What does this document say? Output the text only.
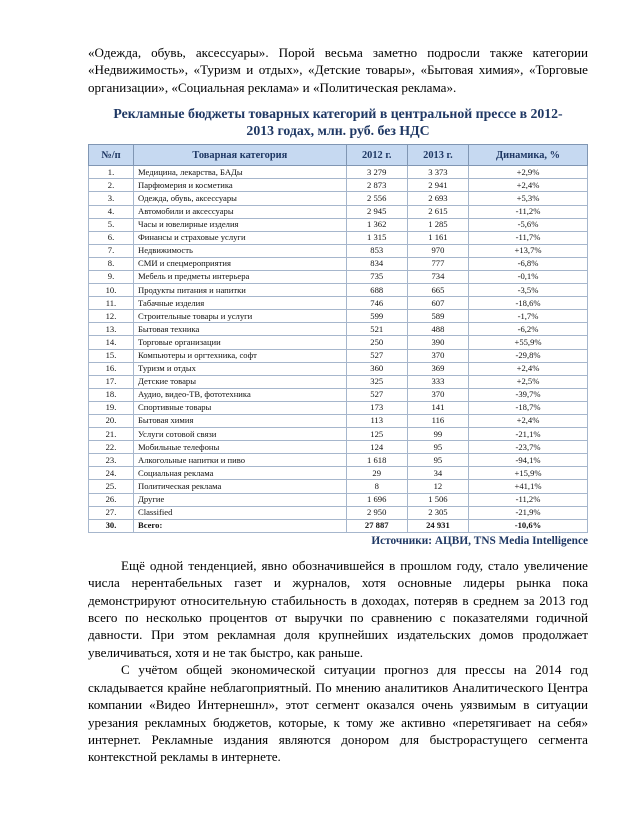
«Одежда, обувь, аксессуары». Порой весьма заметно подросли также категории «Недвижимость», «Туризм и отдых», «Детские товары», «Бытовая химия», «Торговые организации», «Социальная реклама» и «Политическая реклама».

Рекламные бюджеты товарных категорий в центральной прессе в 2012-2013 годах, млн. руб. без НДС
№/п	Товарная категория	2012 г.	2013 г.	Динамика, %
1.	Медицина, лекарства, БАДы	3 279	3 373	+2,9%
2.	Парфюмерия и косметика	2 873	2 941	+2,4%
3.	Одежда, обувь, аксессуары	2 556	2 693	+5,3%
4.	Автомобили и аксессуары	2 945	2 615	-11,2%
5.	Часы и ювелирные изделия	1 362	1 285	-5,6%
6.	Финансы и страховые услуги	1 315	1 161	-11,7%
7.	Недвижимость	853	970	+13,7%
8.	СМИ и спецмероприятия	834	777	-6,8%
9.	Мебель и предметы интерьера	735	734	-0,1%
10.	Продукты питания и напитки	688	665	-3,5%
11.	Табачные изделия	746	607	-18,6%
12.	Строительные товары и услуги	599	589	-1,7%
13.	Бытовая техника	521	488	-6,2%
14.	Торговые организации	250	390	+55,9%
15.	Компьютеры и оргтехника, софт	527	370	-29,8%
16.	Туризм и отдых	360	369	+2,4%
17.	Детские товары	325	333	+2,5%
18.	Аудио, видео-ТВ, фототехника	527	370	-39,7%
19.	Спортивные товары	173	141	-18,7%
20.	Бытовая химия	113	116	+2,4%
21.	Услуги сотовой связи	125	99	-21,1%
22.	Мобильные телефоны	124	95	-23,7%
23.	Алкогольные напитки и пиво	1 618	95	-94,1%
24.	Социальная реклама	29	34	+15,9%
25.	Политическая реклама	8	12	+41,1%
26.	Другие	1 696	1 506	-11,2%
27.	Classified	2 950	2 305	-21,9%
30.	Всего:	27 887	24 931	-10,6%
Источники: АЦВИ, TNS Media Intelligence

Ещё одной тенденцией, явно обозначившейся в прошлом году, стало увеличение числа нерентабельных газет и журналов, хотя основные лидеры рынка пока демонстрируют относительную стабильность в доходах, потеряв в среднем за 2013 год всего по несколько процентов от выручки по сравнению с показателями годичной давности. При этом рекламная доля крупнейших издательских домов продолжает увеличиваться, хотя и не так быстро, как раньше.

С учётом общей экономической ситуации прогноз для прессы на 2014 год складывается крайне неблагоприятный. По мнению аналитиков Аналитического Центра компании «Видео Интернешнл», этот сегмент оказался очень уязвимым в ситуации урезания рекламных бюджетов, которые, к тому же активно «перетягивает на себя» интернет. Рекламные издания являются донором для быстрорастущего сегмента контекстной рекламы в интернете.
